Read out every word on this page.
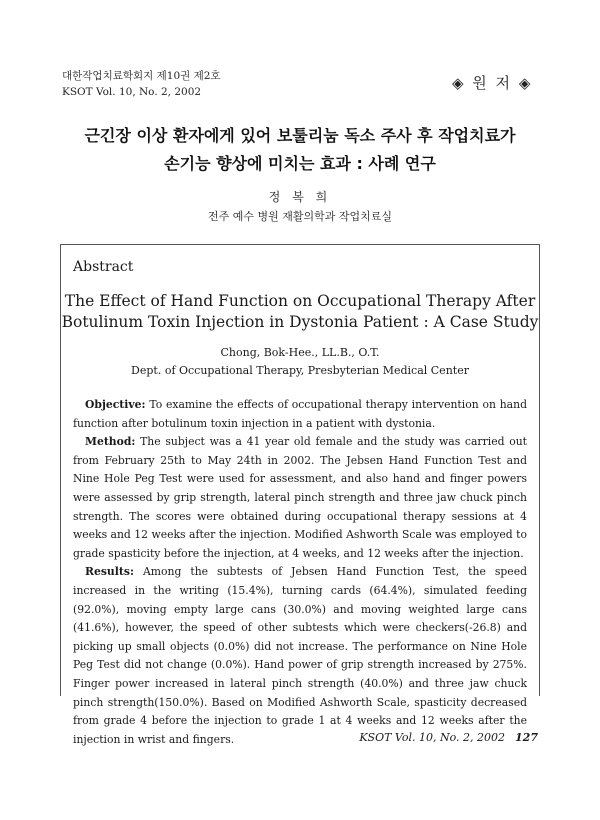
대한작업치료학회지 제10권 제2호
KSOT Vol. 10, No. 2, 2002	◈ 원 저 ◈
근긴장 이상 환자에게 있어 보툴리눔 독소 주사 후 작업치료가
손기능 향상에 미치는 효과 : 사례 연구
정 복 희
전주 예수 병원 재활의학과 작업치료실
Abstract
The Effect of Hand Function on Occupational Therapy After
Botulinum Toxin Injection in Dystonia Patient : A Case Study
Chong, Bok-Hee., LL.B., O.T.
Dept. of Occupational Therapy, Presbyterian Medical Center

Objective: To examine the effects of occupational therapy intervention on hand function after botulinum toxin injection in a patient with dystonia.

Method: The subject was a 41 year old female and the study was carried out from February 25th to May 24th in 2002. The Jebsen Hand Function Test and Nine Hole Peg Test were used for assessment, and also hand and finger powers were assessed by grip strength, lateral pinch strength and three jaw chuck pinch strength. The scores were obtained during occupational therapy sessions at 4 weeks and 12 weeks after the injection. Modified Ashworth Scale was employed to grade spasticity before the injection, at 4 weeks, and 12 weeks after the injection.

Results: Among the subtests of Jebsen Hand Function Test, the speed increased in the writing (15.4%), turning cards (64.4%), simulated feeding (92.0%), moving empty large cans (30.0%) and moving weighted large cans (41.6%), however, the speed of other subtests which were checkers(-26.8) and picking up small objects (0.0%) did not increase. The performance on Nine Hole Peg Test did not change (0.0%). Hand power of grip strength increased by 275%. Finger power increased in lateral pinch strength (40.0%) and three jaw chuck pinch strength(150.0%). Based on Modified Ashworth Scale, spasticity decreased from grade 4 before the injection to grade 1 at 4 weeks and 12 weeks after the injection in wrist and fingers.	KSOT Vol. 10, No. 2, 2002 127
